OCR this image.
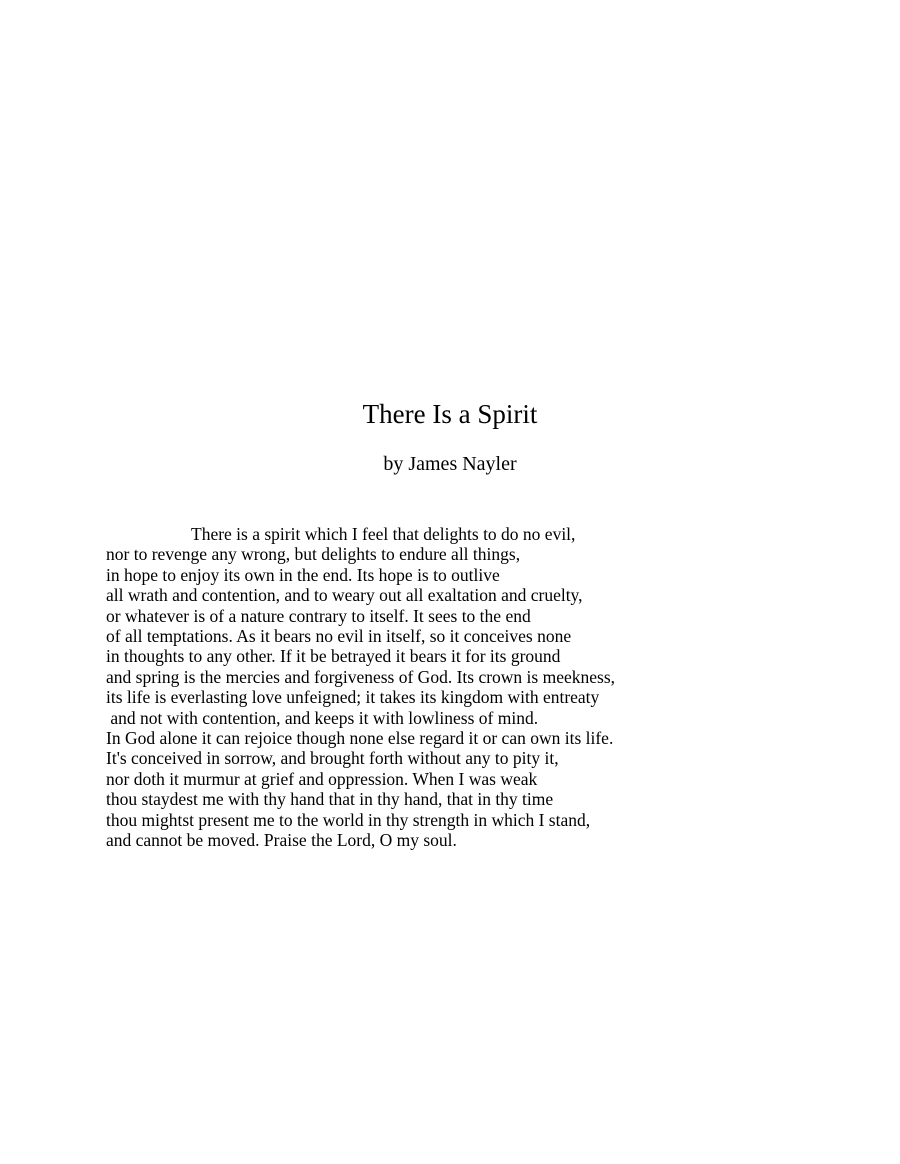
There Is a Spirit

by James Nayler

There is a spirit which I feel that delights to do no evil,
nor to revenge any wrong, but delights to endure all things,
in hope to enjoy its own in the end. Its hope is to outlive
all wrath and contention, and to weary out all exaltation and cruelty,
or whatever is of a nature contrary to itself. It sees to the end
of all temptations. As it bears no evil in itself, so it conceives none
in thoughts to any other. If it be betrayed it bears it for its ground
and spring is the mercies and forgiveness of God. Its crown is meekness,
its life is everlasting love unfeigned; it takes its kingdom with entreaty
and not with contention, and keeps it with lowliness of mind.
In God alone it can rejoice though none else regard it or can own its life.
It's conceived in sorrow, and brought forth without any to pity it,
nor doth it murmur at grief and oppression. When I was weak
thou staydest me with thy hand that in thy hand, that in thy time
thou mightst present me to the world in thy strength in which I stand,
and cannot be moved. Praise the Lord, O my soul.
